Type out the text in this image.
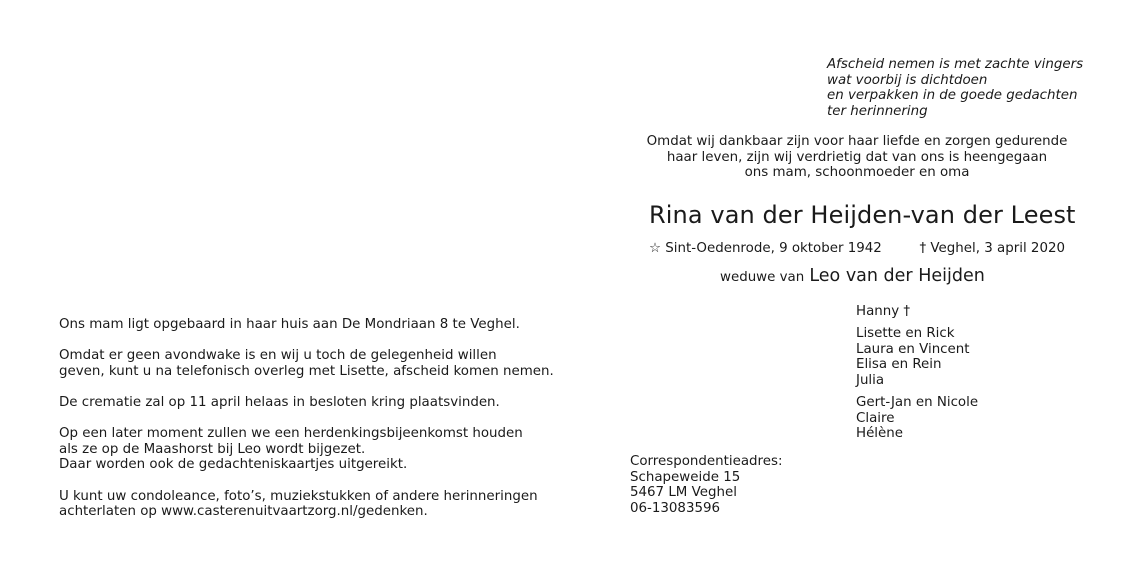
Afscheid nemen is met zachte vingers
wat voorbij is dichtdoen
en verpakken in de goede gedachten
ter herinnering
Omdat wij dankbaar zijn voor haar liefde en zorgen gedurende
haar leven, zijn wij verdrietig dat van ons is heengegaan
ons mam, schoonmoeder en oma
Rina van der Heijden-van der Leest
☆ Sint-Oedenrode, 9 oktober 1942	† Veghel, 3 april 2020
weduwe van Leo van der Heijden
Hanny †
Lisette en Rick
Laura en Vincent
Elisa en Rein
Julia
Gert-Jan en Nicole
Claire
Hélène
Ons mam ligt opgebaard in haar huis aan De Mondriaan 8 te Veghel.
Omdat er geen avondwake is en wij u toch de gelegenheid willen
geven, kunt u na telefonisch overleg met Lisette, afscheid komen nemen.
De crematie zal op 11 april helaas in besloten kring plaatsvinden.
Op een later moment zullen we een herdenkingsbijeenkomst houden
als ze op de Maashorst bij Leo wordt bijgezet.
Daar worden ook de gedachteniskaartjes uitgereikt.
U kunt uw condoleance, foto’s, muziekstukken of andere herinneringen
achterlaten op www.casterenuitvaartzorg.nl/gedenken.
Correspondentieadres:
Schapeweide 15
5467 LM Veghel
06-13083596
